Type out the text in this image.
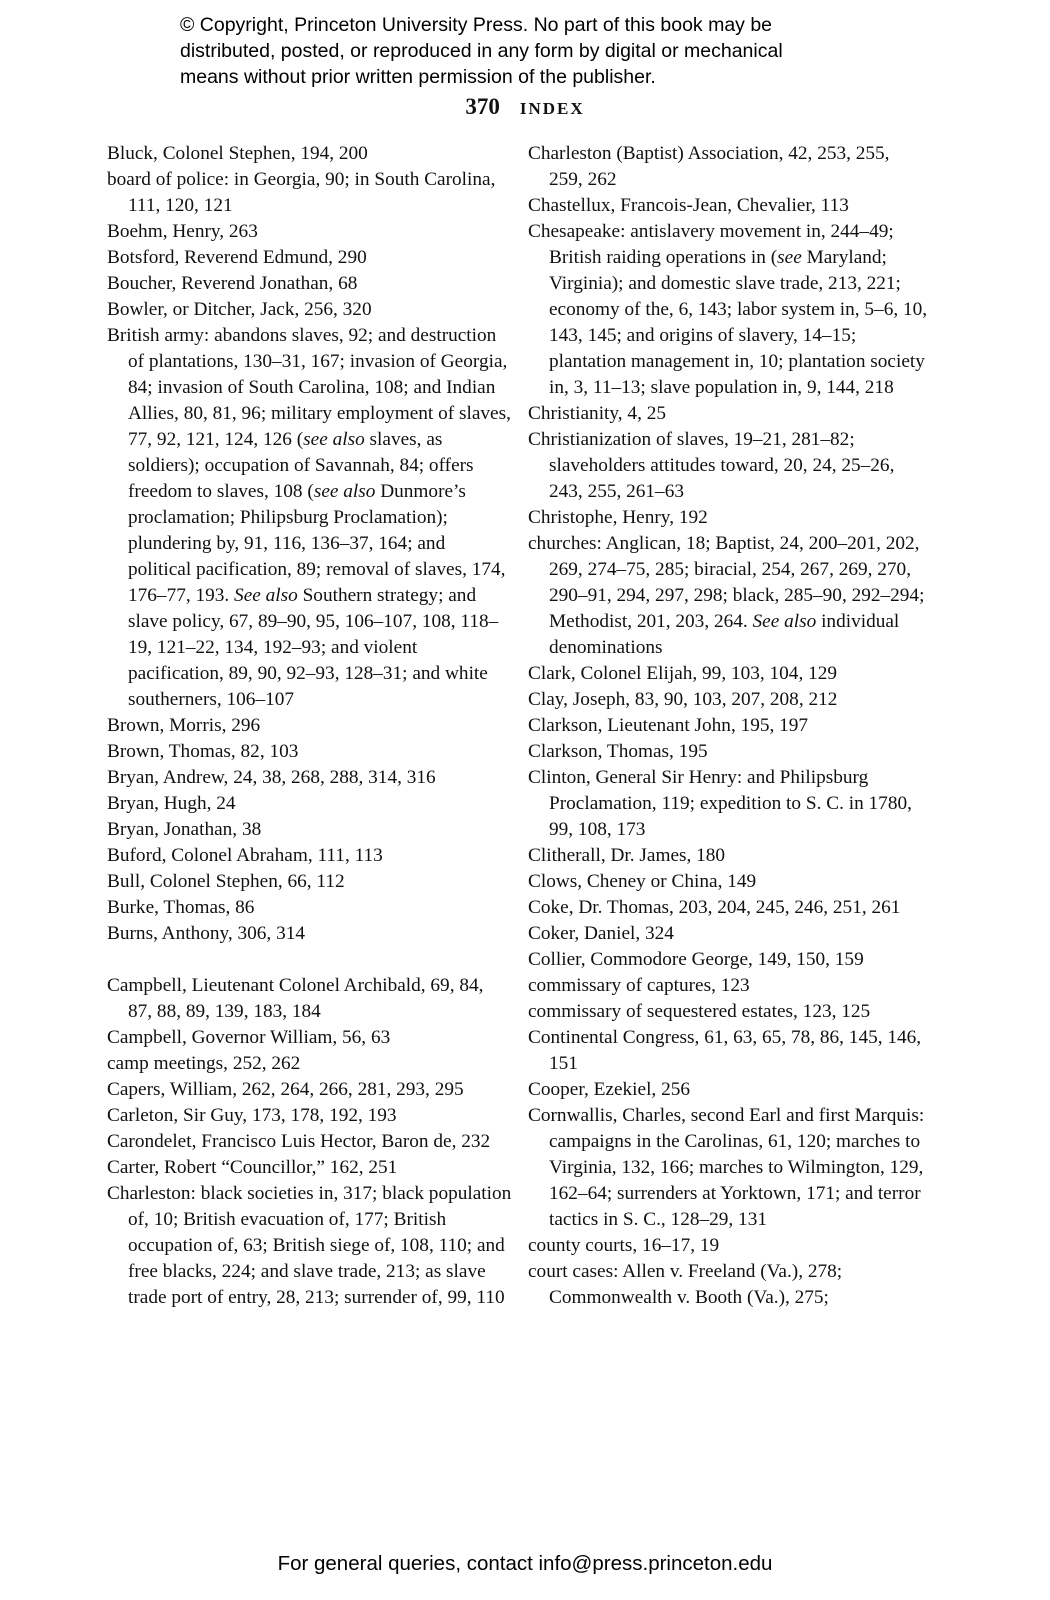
© Copyright, Princeton University Press. No part of this book may be
distributed, posted, or reproduced in any form by digital or mechanical
means without prior written permission of the publisher.
370 INDEX
Bluck, Colonel Stephen, 194, 200
board of police: in Georgia, 90; in South Carolina, 111, 120, 121
Boehm, Henry, 263
Botsford, Reverend Edmund, 290
Boucher, Reverend Jonathan, 68
Bowler, or Ditcher, Jack, 256, 320
British army: abandons slaves, 92; and destruction of plantations, 130–31, 167; invasion of Georgia, 84; invasion of South Carolina, 108; and Indian Allies, 80, 81, 96; military employment of slaves, 77, 92, 121, 124, 126 (see also slaves, as soldiers); occupation of Savannah, 84; offers freedom to slaves, 108 (see also Dunmore’s proclamation; Philipsburg Proclamation); plundering by, 91, 116, 136–37, 164; and political pacification, 89; removal of slaves, 174, 176–77, 193. See also Southern strategy; and slave policy, 67, 89–90, 95, 106–107, 108, 118–19, 121–22, 134, 192–93; and violent pacification, 89, 90, 92–93, 128–31; and white southerners, 106–107
Brown, Morris, 296
Brown, Thomas, 82, 103
Bryan, Andrew, 24, 38, 268, 288, 314, 316
Bryan, Hugh, 24
Bryan, Jonathan, 38
Buford, Colonel Abraham, 111, 113
Bull, Colonel Stephen, 66, 112
Burke, Thomas, 86
Burns, Anthony, 306, 314
Campbell, Lieutenant Colonel Archibald, 69, 84, 87, 88, 89, 139, 183, 184
Campbell, Governor William, 56, 63
camp meetings, 252, 262
Capers, William, 262, 264, 266, 281, 293, 295
Carleton, Sir Guy, 173, 178, 192, 193
Carondelet, Francisco Luis Hector, Baron de, 232
Carter, Robert “Councillor,” 162, 251
Charleston: black societies in, 317; black population of, 10; British evacuation of, 177; British occupation of, 63; British siege of, 108, 110; and free blacks, 224; and slave trade, 213; as slave trade port of entry, 28, 213; surrender of, 99, 110
Charleston (Baptist) Association, 42, 253, 255, 259, 262
Chastellux, Francois-Jean, Chevalier, 113
Chesapeake: antislavery movement in, 244–49; British raiding operations in (see Maryland; Virginia); and domestic slave trade, 213, 221; economy of the, 6, 143; labor system in, 5–6, 10, 143, 145; and origins of slavery, 14–15; plantation management in, 10; plantation society in, 3, 11–13; slave population in, 9, 144, 218
Christianity, 4, 25
Christianization of slaves, 19–21, 281–82; slaveholders attitudes toward, 20, 24, 25–26, 243, 255, 261–63
Christophe, Henry, 192
churches: Anglican, 18; Baptist, 24, 200–201, 202, 269, 274–75, 285; biracial, 254, 267, 269, 270, 290–91, 294, 297, 298; black, 285–90, 292–294; Methodist, 201, 203, 264. See also individual denominations
Clark, Colonel Elijah, 99, 103, 104, 129
Clay, Joseph, 83, 90, 103, 207, 208, 212
Clarkson, Lieutenant John, 195, 197
Clarkson, Thomas, 195
Clinton, General Sir Henry: and Philipsburg Proclamation, 119; expedition to S. C. in 1780, 99, 108, 173
Clitherall, Dr. James, 180
Clows, Cheney or China, 149
Coke, Dr. Thomas, 203, 204, 245, 246, 251, 261
Coker, Daniel, 324
Collier, Commodore George, 149, 150, 159
commissary of captures, 123
commissary of sequestered estates, 123, 125
Continental Congress, 61, 63, 65, 78, 86, 145, 146, 151
Cooper, Ezekiel, 256
Cornwallis, Charles, second Earl and first Marquis: campaigns in the Carolinas, 61, 120; marches to Virginia, 132, 166; marches to Wilmington, 129, 162–64; surrenders at Yorktown, 171; and terror tactics in S. C., 128–29, 131
county courts, 16–17, 19
court cases: Allen v. Freeland (Va.), 278; Commonwealth v. Booth (Va.), 275;
For general queries, contact info@press.princeton.edu
